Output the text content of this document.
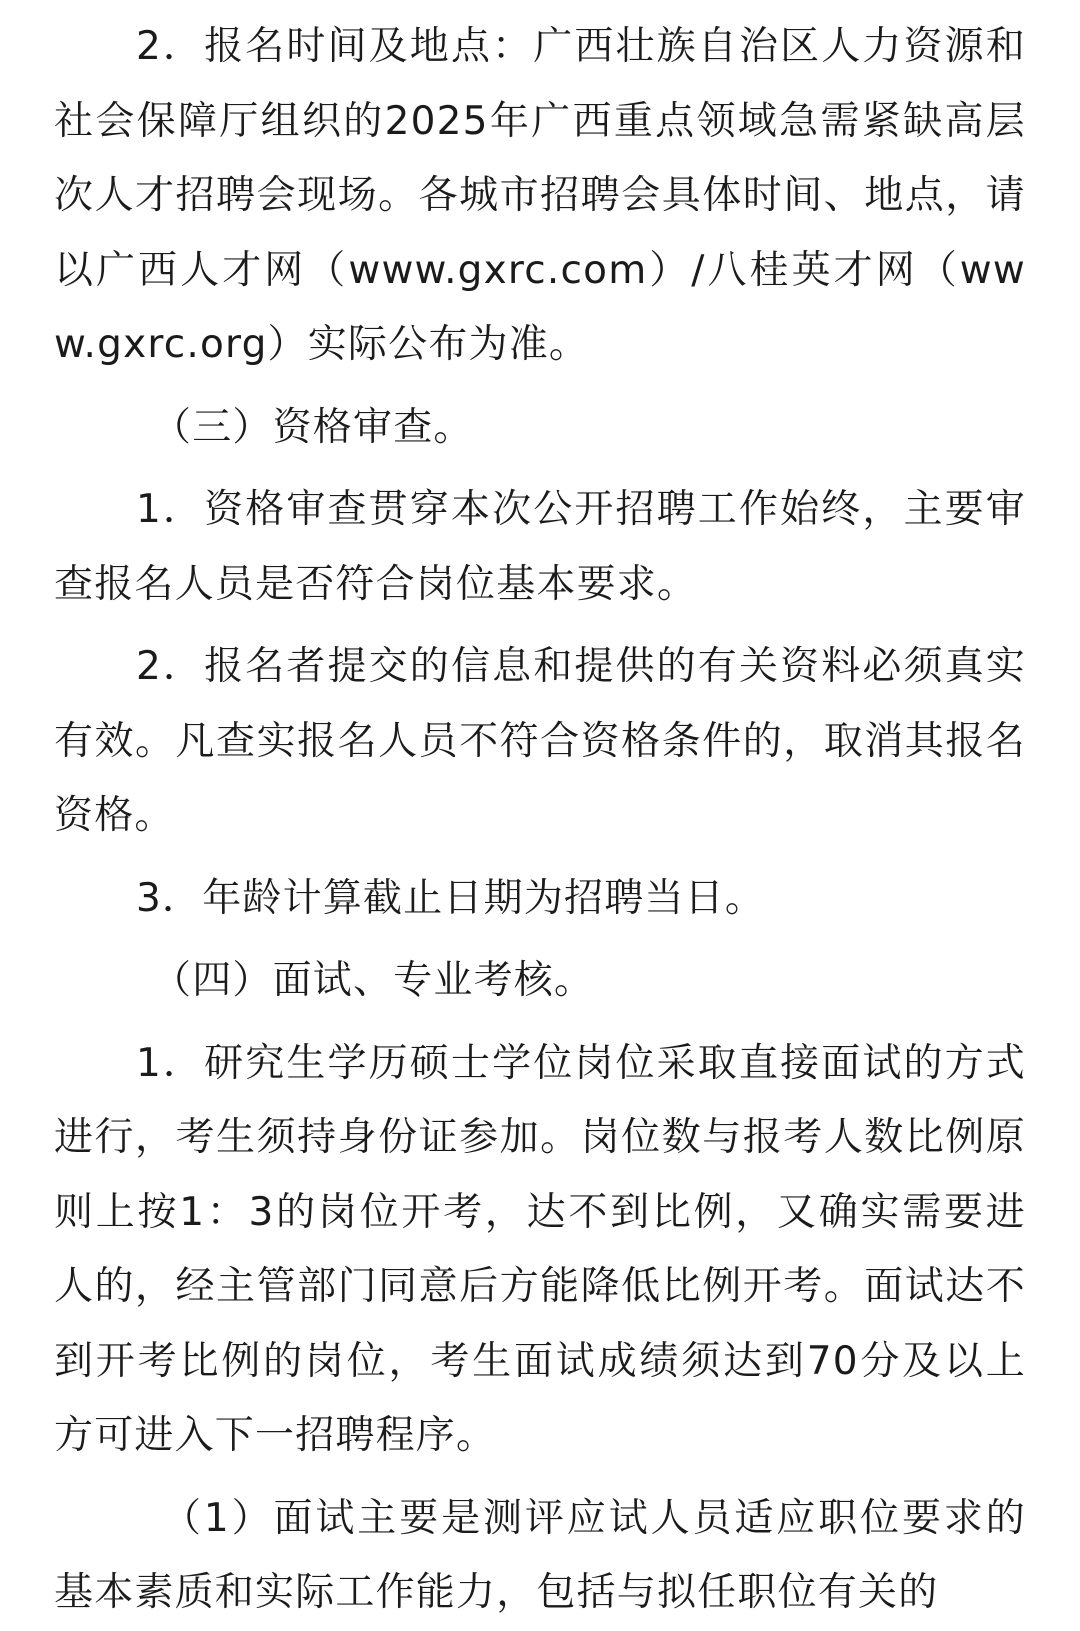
2．报名时间及地点：广西壮族自治区人力资源和社会保障厅组织的2025年广西重点领域急需紧缺高层次人才招聘会现场。各城市招聘会具体时间、地点，请以广西人才网（www.gxrc.com）/八桂英才网（www.gxrc.org）实际公布为准。

（三）资格审查。

1．资格审查贯穿本次公开招聘工作始终，主要审查报名人员是否符合岗位基本要求。

2．报名者提交的信息和提供的有关资料必须真实有效。凡查实报名人员不符合资格条件的，取消其报名资格。

3．年龄计算截止日期为招聘当日。

（四）面试、专业考核。

1．研究生学历硕士学位岗位采取直接面试的方式进行，考生须持身份证参加。岗位数与报考人数比例原则上按1：3的岗位开考，达不到比例，又确实需要进人的，经主管部门同意后方能降低比例开考。面试达不到开考比例的岗位，考生面试成绩须达到70分及以上方可进入下一招聘程序。

（1）面试主要是测评应试人员适应职位要求的基本素质和实际工作能力，包括与拟任职位有关的
